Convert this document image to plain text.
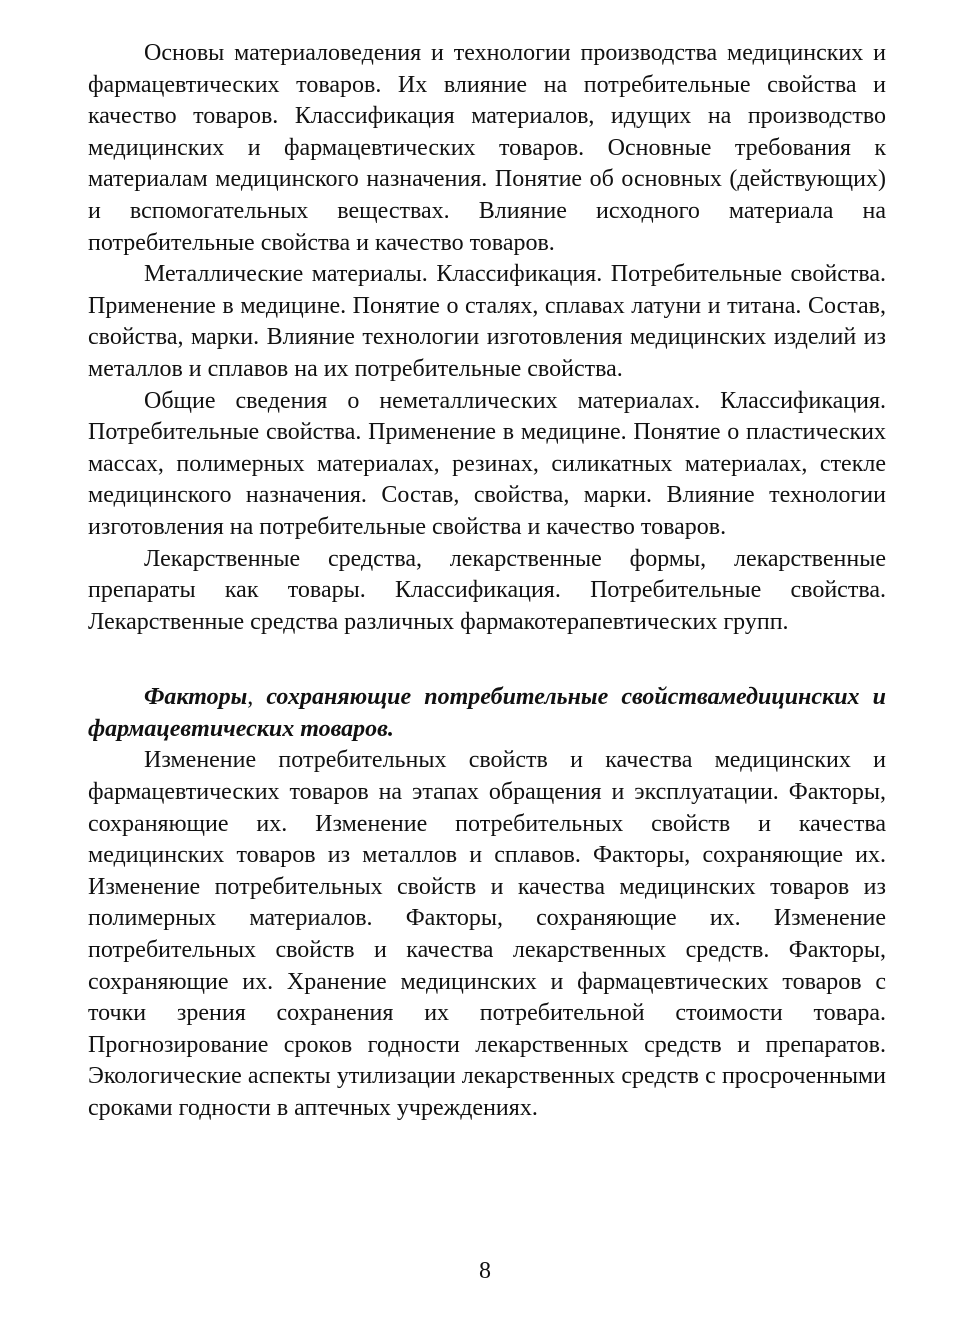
Основы материаловедения и технологии производства медицинских и фармацевтических товаров. Их влияние на потребительные свойства и качество товаров. Классификация материалов, идущих на производство медицинских и фармацевтических товаров. Основные требования к материалам медицинского назначения. Понятие об основных (действующих) и вспомогательных веществах. Влияние исходного материала на потребительные свойства и качество товаров.

Металлические материалы. Классификация. Потребительные свойства. Применение в медицине. Понятие о сталях, сплавах латуни и титана. Состав, свойства, марки. Влияние технологии изготовления медицинских изделий из металлов и сплавов на их потребительные свойства.

Общие сведения о неметаллических материалах. Классификация. Потребительные свойства. Применение в медицине. Понятие о пластических массах, полимерных материалах, резинах, силикатных материалах, стекле медицинского назначения. Состав, свойства, марки. Влияние технологии изготовления на потребительные свойства и качество товаров.

Лекарственные средства, лекарственные формы, лекарственные препараты как товары. Классификация. Потребительные свойства. Лекарственные средства различных фармакотерапевтических групп.

Факторы, сохраняющие потребительные свойствамедицинских и фармацевтических товаров.

Изменение потребительных свойств и качества медицинских и фармацевтических товаров на этапах обращения и эксплуатации. Факторы, сохраняющие их. Изменение потребительных свойств и качества медицинских товаров из металлов и сплавов. Факторы, сохраняющие их. Изменение потребительных свойств и качества медицинских товаров из полимерных материалов. Факторы, сохраняющие их. Изменение потребительных свойств и качества лекарственных средств. Факторы, сохраняющие их. Хранение медицинских и фармацевтических товаров с точки зрения сохранения их потребительной стоимости товара. Прогнозирование сроков годности лекарственных средств и препаратов. Экологические аспекты утилизации лекарственных средств с просроченными сроками годности в аптечных учреждениях.

8
